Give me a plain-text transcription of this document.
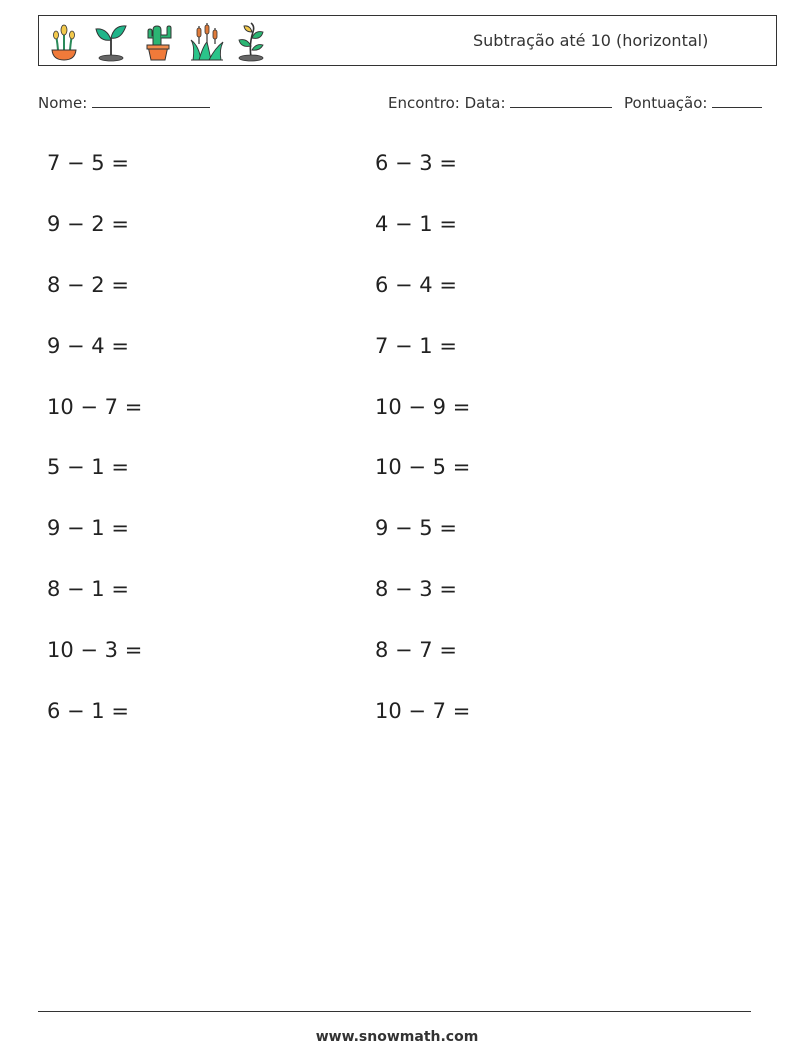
Subtração até 10 (horizontal)
Nome:	Encontro: Data:	Pontuação:
7 − 5 =
9 − 2 =
8 − 2 =
9 − 4 =
10 − 7 =
5 − 1 =
9 − 1 =
8 − 1 =
10 − 3 =
6 − 1 =
6 − 3 =
4 − 1 =
6 − 4 =
7 − 1 =
10 − 9 =
10 − 5 =
9 − 5 =
8 − 3 =
8 − 7 =
10 − 7 =
www.snowmath.com
